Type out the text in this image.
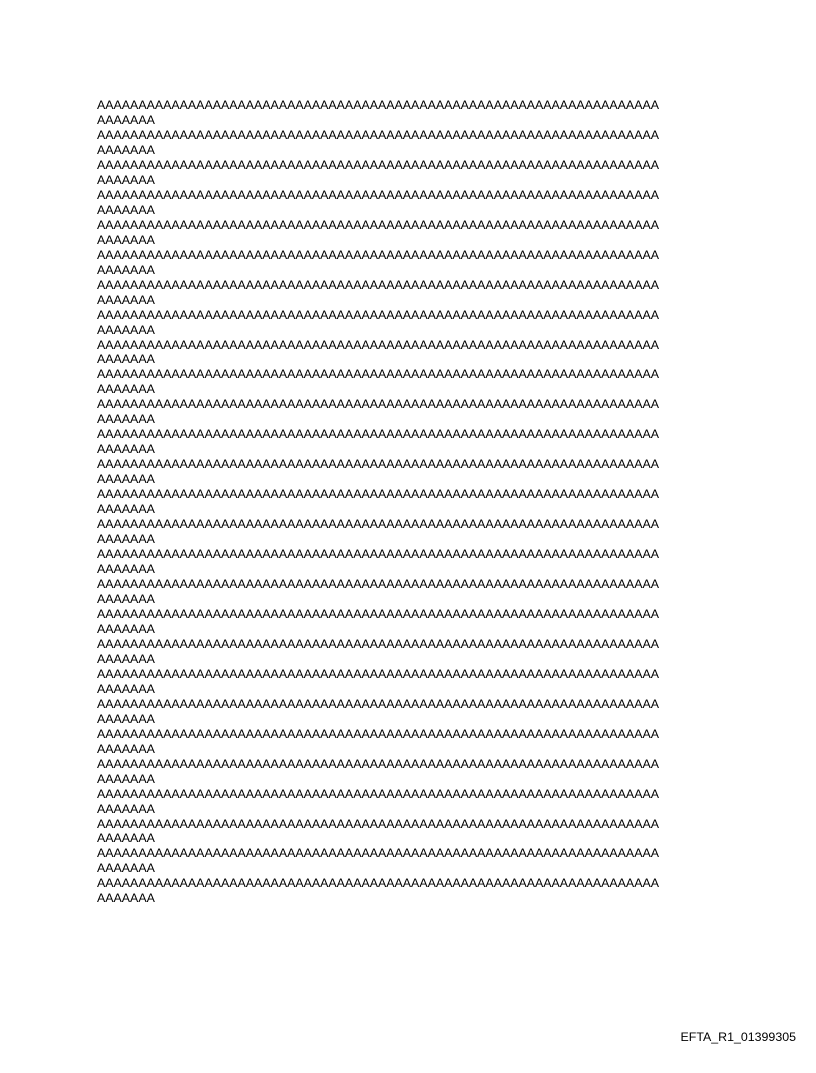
AAAAAAAAAAAAAAAAAAAAAAAAAAAAAAAAAAAAAAAAAAAAAAAAAAAAAAAAAAAAAAAAAAAA
AAAAAAA
AAAAAAAAAAAAAAAAAAAAAAAAAAAAAAAAAAAAAAAAAAAAAAAAAAAAAAAAAAAAAAAAAAAA
AAAAAAA
AAAAAAAAAAAAAAAAAAAAAAAAAAAAAAAAAAAAAAAAAAAAAAAAAAAAAAAAAAAAAAAAAAAA
AAAAAAA
AAAAAAAAAAAAAAAAAAAAAAAAAAAAAAAAAAAAAAAAAAAAAAAAAAAAAAAAAAAAAAAAAAAA
AAAAAAA
AAAAAAAAAAAAAAAAAAAAAAAAAAAAAAAAAAAAAAAAAAAAAAAAAAAAAAAAAAAAAAAAAAAA
AAAAAAA
AAAAAAAAAAAAAAAAAAAAAAAAAAAAAAAAAAAAAAAAAAAAAAAAAAAAAAAAAAAAAAAAAAAA
AAAAAAA
AAAAAAAAAAAAAAAAAAAAAAAAAAAAAAAAAAAAAAAAAAAAAAAAAAAAAAAAAAAAAAAAAAAA
AAAAAAA
AAAAAAAAAAAAAAAAAAAAAAAAAAAAAAAAAAAAAAAAAAAAAAAAAAAAAAAAAAAAAAAAAAAA
AAAAAAA
AAAAAAAAAAAAAAAAAAAAAAAAAAAAAAAAAAAAAAAAAAAAAAAAAAAAAAAAAAAAAAAAAAAA
AAAAAAA
AAAAAAAAAAAAAAAAAAAAAAAAAAAAAAAAAAAAAAAAAAAAAAAAAAAAAAAAAAAAAAAAAAAA
AAAAAAA
AAAAAAAAAAAAAAAAAAAAAAAAAAAAAAAAAAAAAAAAAAAAAAAAAAAAAAAAAAAAAAAAAAAA
AAAAAAA
AAAAAAAAAAAAAAAAAAAAAAAAAAAAAAAAAAAAAAAAAAAAAAAAAAAAAAAAAAAAAAAAAAAA
AAAAAAA
AAAAAAAAAAAAAAAAAAAAAAAAAAAAAAAAAAAAAAAAAAAAAAAAAAAAAAAAAAAAAAAAAAAA
AAAAAAA
AAAAAAAAAAAAAAAAAAAAAAAAAAAAAAAAAAAAAAAAAAAAAAAAAAAAAAAAAAAAAAAAAAAA
AAAAAAA
AAAAAAAAAAAAAAAAAAAAAAAAAAAAAAAAAAAAAAAAAAAAAAAAAAAAAAAAAAAAAAAAAAAA
AAAAAAA
AAAAAAAAAAAAAAAAAAAAAAAAAAAAAAAAAAAAAAAAAAAAAAAAAAAAAAAAAAAAAAAAAAAA
AAAAAAA
AAAAAAAAAAAAAAAAAAAAAAAAAAAAAAAAAAAAAAAAAAAAAAAAAAAAAAAAAAAAAAAAAAAA
AAAAAAA
AAAAAAAAAAAAAAAAAAAAAAAAAAAAAAAAAAAAAAAAAAAAAAAAAAAAAAAAAAAAAAAAAAAA
AAAAAAA
AAAAAAAAAAAAAAAAAAAAAAAAAAAAAAAAAAAAAAAAAAAAAAAAAAAAAAAAAAAAAAAAAAAA
AAAAAAA
AAAAAAAAAAAAAAAAAAAAAAAAAAAAAAAAAAAAAAAAAAAAAAAAAAAAAAAAAAAAAAAAAAAA
AAAAAAA
AAAAAAAAAAAAAAAAAAAAAAAAAAAAAAAAAAAAAAAAAAAAAAAAAAAAAAAAAAAAAAAAAAAA
AAAAAAA
AAAAAAAAAAAAAAAAAAAAAAAAAAAAAAAAAAAAAAAAAAAAAAAAAAAAAAAAAAAAAAAAAAAA
AAAAAAA
AAAAAAAAAAAAAAAAAAAAAAAAAAAAAAAAAAAAAAAAAAAAAAAAAAAAAAAAAAAAAAAAAAAA
AAAAAAA
AAAAAAAAAAAAAAAAAAAAAAAAAAAAAAAAAAAAAAAAAAAAAAAAAAAAAAAAAAAAAAAAAAAA
AAAAAAA
AAAAAAAAAAAAAAAAAAAAAAAAAAAAAAAAAAAAAAAAAAAAAAAAAAAAAAAAAAAAAAAAAAAA
AAAAAAA
AAAAAAAAAAAAAAAAAAAAAAAAAAAAAAAAAAAAAAAAAAAAAAAAAAAAAAAAAAAAAAAAAAAA
AAAAAAA
AAAAAAAAAAAAAAAAAAAAAAAAAAAAAAAAAAAAAAAAAAAAAAAAAAAAAAAAAAAAAAAAAAAA
AAAAAAA
EFTA_R1_01399305
